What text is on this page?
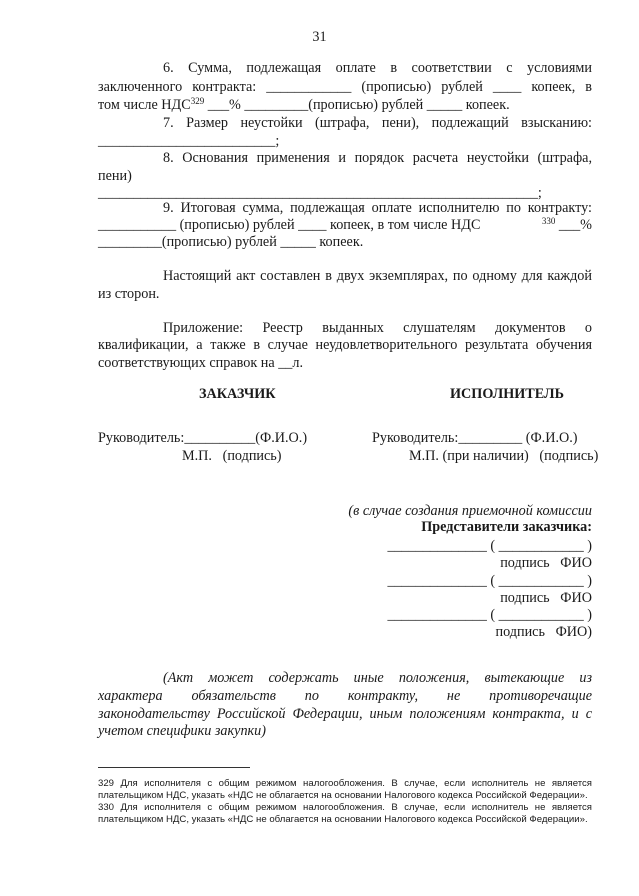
31
6. Сумма, подлежащая оплате в соответствии с условиями
заключенного контракта: ____________ (прописью) рублей ____ копеек, в
том числе НДС$^{329}$ ___% _________(прописью) рублей _____ копеек.
7. Размер неустойки (штрафа, пени), подлежащий взысканию:
_________________________;
8. Основания применения и порядок расчета неустойки (штрафа,
пени)
______________________________________________________________;
9. Итоговая сумма, подлежащая оплате исполнителю по контракту:
___________ (прописью) рублей ____ копеек, в том числе НДС	$^{330}$ ___%
_________(прописью) рублей _____ копеек.
Настоящий акт составлен в двух экземплярах, по одному для каждой
из сторон.
Приложение: Реестр выданных слушателям документов о
квалификации, а также в случае неудовлетворительного результата обучения
соответствующих справок на __л.
ЗАКАЗЧИК	ИСПОЛНИТЕЛЬ
Руководитель:__________(Ф.И.О.)	Руководитель:_________ (Ф.И.О.)
М.П.   (подпись)	М.П. (при наличии)   (подпись)
(в случае создания приемочной комиссии
Представители заказчика:
______________ ( ____________ )
подпись   ФИО
______________ ( ____________ )
подпись   ФИО
______________ ( ____________ )
подпись   ФИО)
(Акт может содержать иные положения, вытекающие из
характера обязательств по контракту, не противоречащие
законодательству Российской Федерации, иным положениям контракта, и с
учетом специфики закупки)
329 Для исполнителя с общим режимом налогообложения. В случае, если исполнитель не является
плательщиком НДС, указать «НДС не облагается на основании Налогового кодекса Российской Федерации».
330 Для исполнителя с общим режимом налогообложения. В случае, если исполнитель не является
плательщиком НДС, указать «НДС не облагается на основании Налогового кодекса Российской Федерации».
